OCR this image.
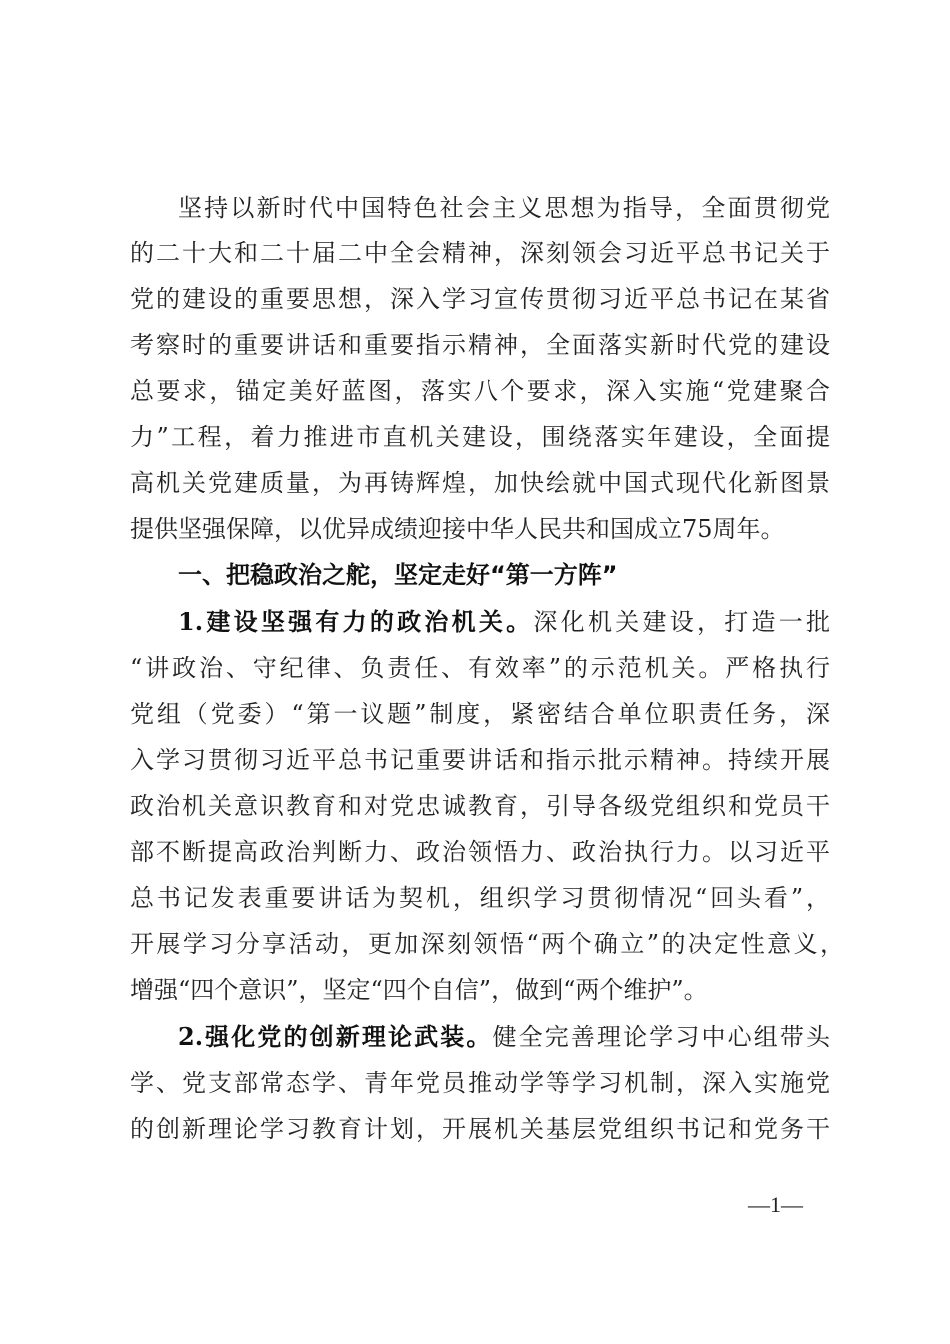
坚持以新时代中国特色社会主义思想为指导，全面贯彻党
的二十大和二十届二中全会精神，深刻领会习近平总书记关于
党的建设的重要思想，深入学习宣传贯彻习近平总书记在某省
考察时的重要讲话和重要指示精神，全面落实新时代党的建设
总要求，锚定美好蓝图，落实八个要求，深入实施“党建聚合
力”工程，着力推进市直机关建设，围绕落实年建设，全面提
高机关党建质量，为再铸辉煌，加快绘就中国式现代化新图景
提供坚强保障，以优异成绩迎接中华人民共和国成立75周年。
一、把稳政治之舵，坚定走好“第一方阵”
1.建设坚强有力的政治机关。深化机关建设，打造一批
“讲政治、守纪律、负责任、有效率”的示范机关。严格执行
党组（党委）“第一议题”制度，紧密结合单位职责任务，深
入学习贯彻习近平总书记重要讲话和指示批示精神。持续开展
政治机关意识教育和对党忠诚教育，引导各级党组织和党员干
部不断提高政治判断力、政治领悟力、政治执行力。以习近平
总书记发表重要讲话为契机，组织学习贯彻情况“回头看”，
开展学习分享活动，更加深刻领悟“两个确立”的决定性意义，
增强“四个意识”，坚定“四个自信”，做到“两个维护”。
2.强化党的创新理论武装。健全完善理论学习中心组带头
学、党支部常态学、青年党员推动学等学习机制，深入实施党
的创新理论学习教育计划，开展机关基层党组织书记和党务干
—1—
